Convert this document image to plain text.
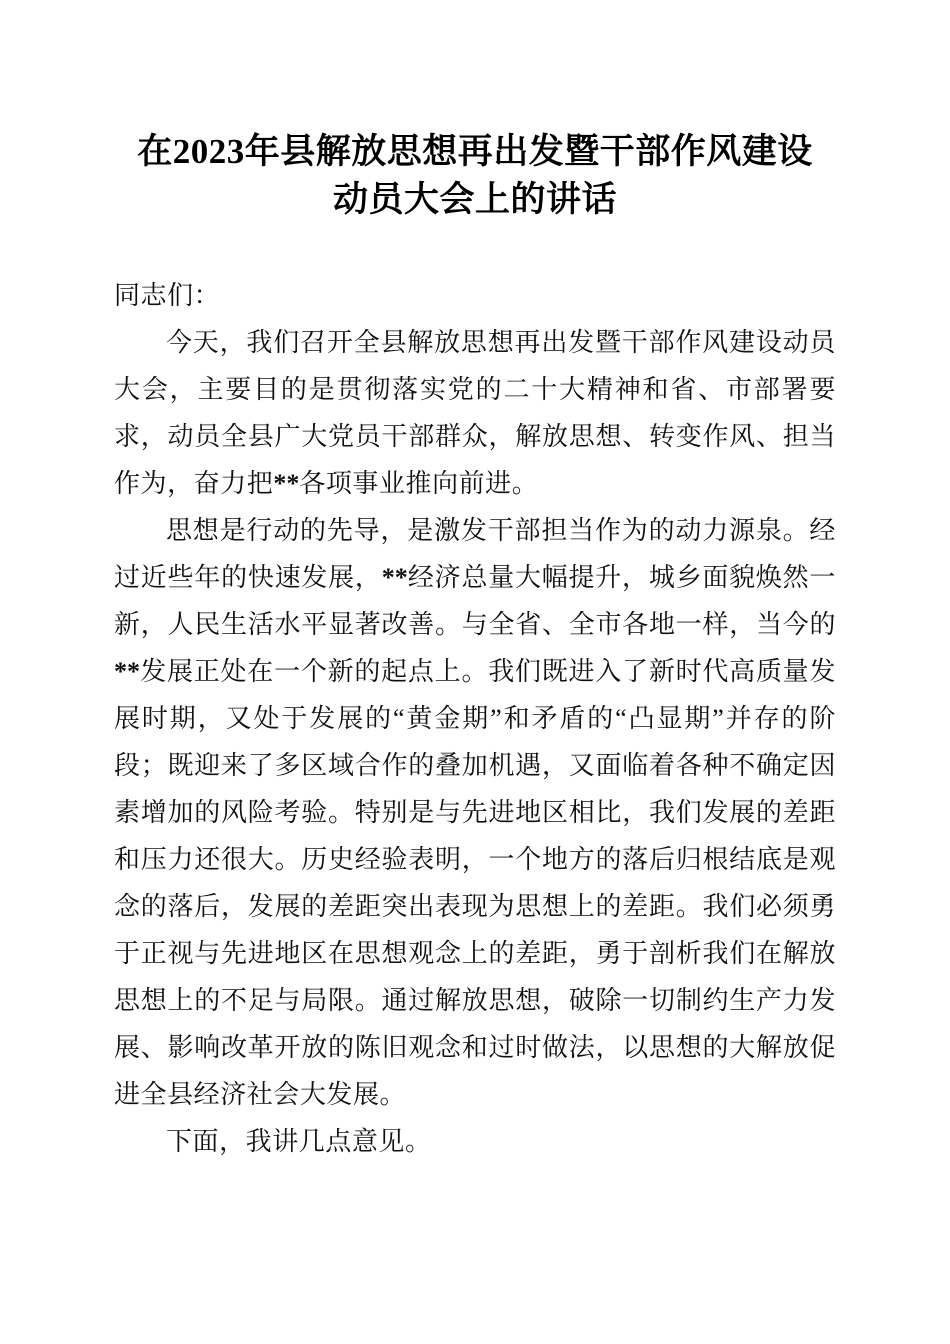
在2023年县解放思想再出发暨干部作风建设
动员大会上的讲话

同志们：

今天，我们召开全县解放思想再出发暨干部作风建设动员大会，主要目的是贯彻落实党的二十大精神和省、市部署要求，动员全县广大党员干部群众，解放思想、转变作风、担当作为，奋力把**各项事业推向前进。

思想是行动的先导，是激发干部担当作为的动力源泉。经过近些年的快速发展，**经济总量大幅提升，城乡面貌焕然一新，人民生活水平显著改善。与全省、全市各地一样，当今的**发展正处在一个新的起点上。我们既进入了新时代高质量发展时期，又处于发展的“黄金期”和矛盾的“凸显期”并存的阶段；既迎来了多区域合作的叠加机遇，又面临着各种不确定因素增加的风险考验。特别是与先进地区相比，我们发展的差距和压力还很大。历史经验表明，一个地方的落后归根结底是观念的落后，发展的差距突出表现为思想上的差距。我们必须勇于正视与先进地区在思想观念上的差距，勇于剖析我们在解放思想上的不足与局限。通过解放思想，破除一切制约生产力发展、影响改革开放的陈旧观念和过时做法，以思想的大解放促进全县经济社会大发展。

下面，我讲几点意见。
